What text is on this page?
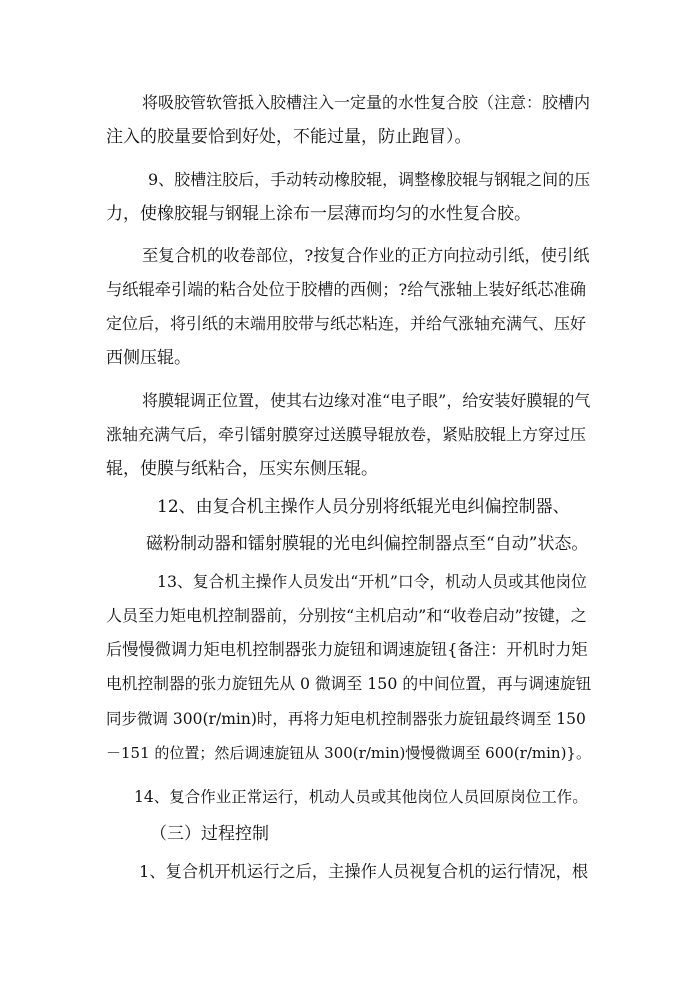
将吸胶管软管抵入胶槽注入一定量的水性复合胶（注意：胶槽内
注入的胶量要恰到好处，不能过量，防止跑冒）。
9、胶槽注胶后，手动转动橡胶辊，调整橡胶辊与钢辊之间的压
力，使橡胶辊与钢辊上涂布一层薄而均匀的水性复合胶。
至复合机的收卷部位，?按复合作业的正方向拉动引纸，使引纸
与纸辊牵引端的粘合处位于胶槽的西侧；?给气涨轴上装好纸芯准确
定位后，将引纸的末端用胶带与纸芯粘连，并给气涨轴充满气、压好
西侧压辊。
将膜辊调正位置，使其右边缘对准“电子眼”，给安装好膜辊的气
涨轴充满气后，牵引镭射膜穿过送膜导辊放卷，紧贴胶辊上方穿过压
辊，使膜与纸粘合，压实东侧压辊。
12、由复合机主操作人员分别将纸辊光电纠偏控制器、
磁粉制动器和镭射膜辊的光电纠偏控制器点至“自动”状态。
13、复合机主操作人员发出“开机”口令，机动人员或其他岗位
人员至力矩电机控制器前，分别按“主机启动”和“收卷启动”按键，之
后慢慢微调力矩电机控制器张力旋钮和调速旋钮{备注：开机时力矩
电机控制器的张力旋钮先从 0 微调至 150 的中间位置，再与调速旋钮
同步微调 300(r/min)时，再将力矩电机控制器张力旋钮最终调至 150
－151 的位置；然后调速旋钮从 300(r/min)慢慢微调至 600(r/min)}。
14、复合作业正常运行，机动人员或其他岗位人员回原岗位工作。
（三）过程控制
1、复合机开机运行之后，主操作人员视复合机的运行情况，根
